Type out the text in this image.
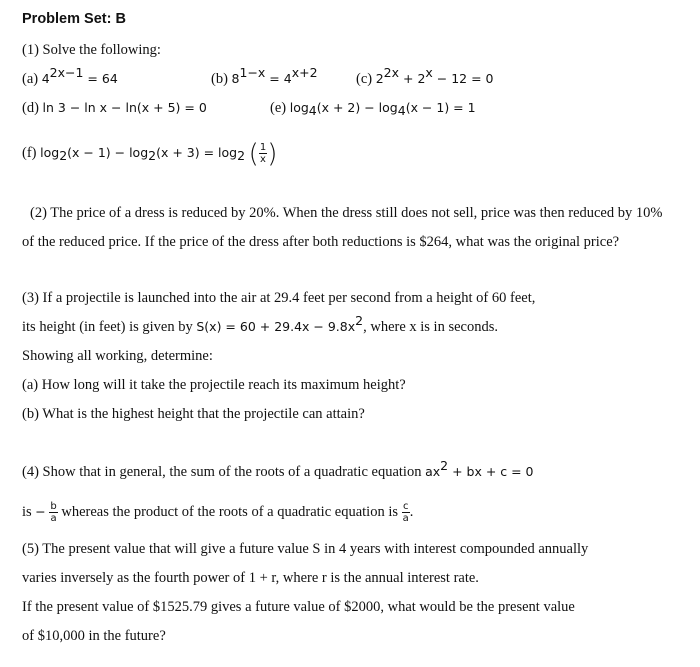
Problem Set: B
(1) Solve the following:
(a) $4^{2x-1} = 64$	(b) $8^{1-x} = 4^{x+2}$	(c) $2^{2x} + 2^x - 12 = 0$
(d) ln 3 − ln x − ln(x + 5) = 0	(e) $\log_4(x + 2) - \log_4(x - 1) = 1$
(f) $\log_2(x - 1) - \log_2(x + 3) = \log_2$ ( $\frac{1}{x}$ )
(2) The price of a dress is reduced by 20%. When the dress still does not sell, price was then reduced by 10%
of the reduced price. If the price of the dress after both reductions is $264, what was the original price?
(3) If a projectile is launched into the air at 29.4 feet per second from a height of 60 feet,
its height (in feet) is given by $S(x) = 60 + 29.4x - 9.8x^2$, where x is in seconds.
Showing all working, determine:
(a) How long will it take the projectile reach its maximum height?
(b) What is the highest height that the projectile can attain?
(4) Show that in general, the sum of the roots of a quadratic equation $ax^2$ + bx + c = 0
is − $\frac{b}{a}$ whereas the product of the roots of a quadratic equation is $\frac{c}{a}$ .
(5) The present value that will give a future value S in 4 years with interest compounded annually
varies inversely as the fourth power of 1 + r, where r is the annual interest rate.
If the present value of $1525.79 gives a future value of $2000, what would be the present value
of $10,000 in the future?
